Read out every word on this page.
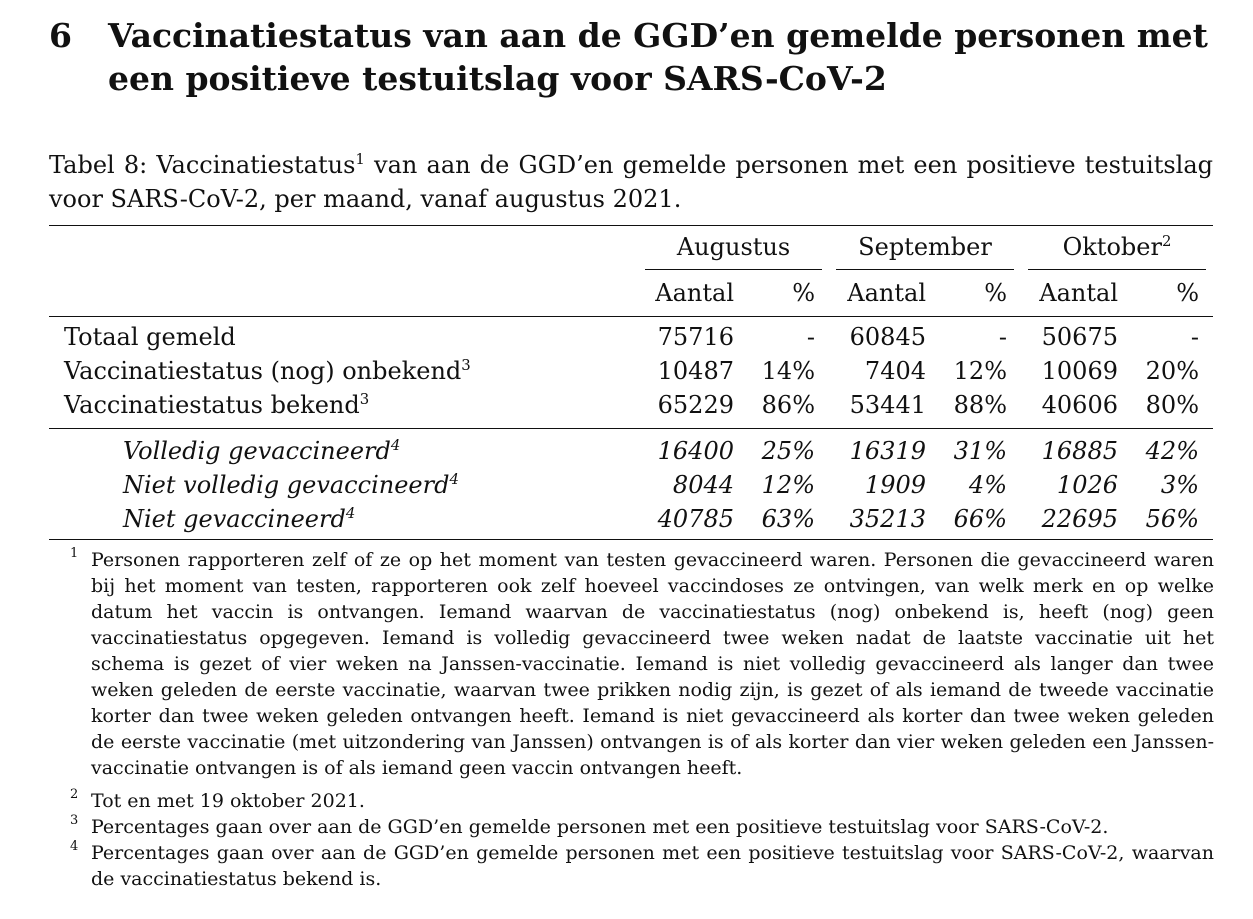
6 Vaccinatiestatus van aan de GGD’en gemelde personen met een positieve testuitslag voor SARS-CoV-2
Tabel 8: Vaccinatiestatus$^1$ van aan de GGD’en gemelde personen met een positieve testuitslag voor SARS-CoV-2, per maand, vanaf augustus 2021.
Augustus	September	Oktober$^2$
Aantal	%	Aantal	%	Aantal	%
Totaal gemeld	75716	-	60845	-	50675	-
Vaccinatiestatus (nog) onbekend$^3$	10487	14%	7404	12%	10069	20%
Vaccinatiestatus bekend$^3$	65229	86%	53441	88%	40606	80%
Volledig gevaccineerd$^4$	16400	25%	16319	31%	16885	42%
Niet volledig gevaccineerd$^4$	8044	12%	1909	4%	1026	3%
Niet gevaccineerd$^4$	40785	63%	35213	66%	22695	56%
1 Personen rapporteren zelf of ze op het moment van testen gevaccineerd waren. Personen die gevaccineerd waren bij het moment van testen, rapporteren ook zelf hoeveel vaccindoses ze ontvingen, van welk merk en op welke datum het vaccin is ontvangen. Iemand waarvan de vaccinatiestatus (nog) onbekend is, heeft (nog) geen vaccinatiestatus opgegeven. Iemand is volledig gevaccineerd twee weken nadat de laatste vaccinatie uit het schema is gezet of vier weken na Janssen-vaccinatie. Iemand is niet volledig gevaccineerd als langer dan twee weken geleden de eerste vaccinatie, waarvan twee prikken nodig zijn, is gezet of als iemand de tweede vaccinatie korter dan twee weken geleden ontvangen heeft. Iemand is niet gevaccineerd als korter dan twee weken geleden de eerste vaccinatie (met uitzondering van Janssen) ontvangen is of als korter dan vier weken geleden een Janssen-vaccinatie ontvangen is of als iemand geen vaccin ontvangen heeft.
2 Tot en met 19 oktober 2021.
3 Percentages gaan over aan de GGD’en gemelde personen met een positieve testuitslag voor SARS-CoV-2.
4 Percentages gaan over aan de GGD’en gemelde personen met een positieve testuitslag voor SARS-CoV-2, waarvan de vaccinatiestatus bekend is.
